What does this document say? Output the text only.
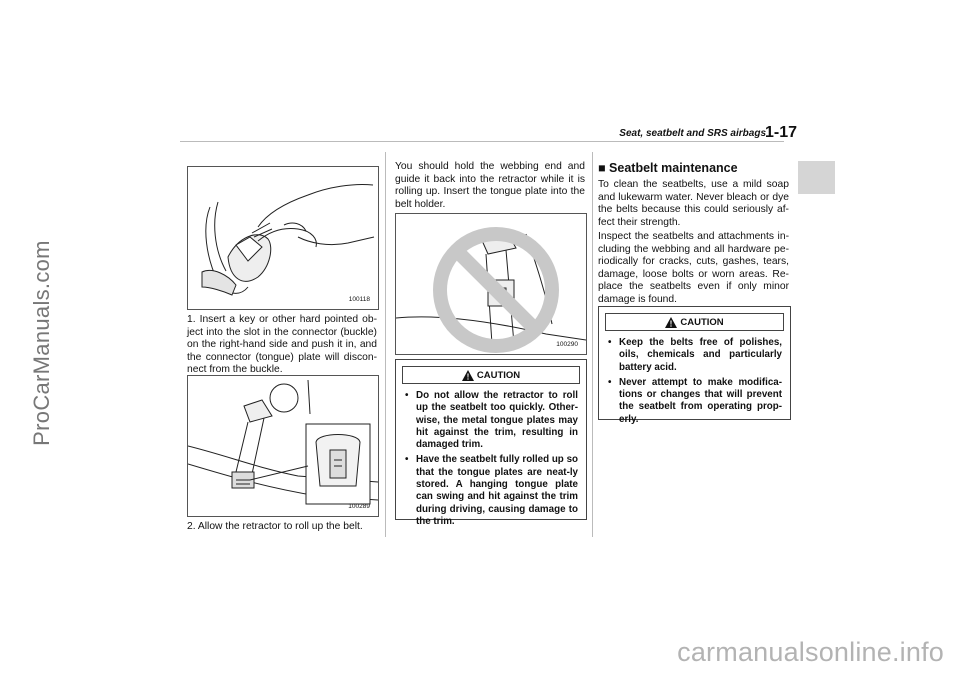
ProCarManuals.com
Seat, seatbelt and SRS airbags 1-17
100118
1. Insert a key or other hard pointed ob-ject into the slot in the connector (buckle) on the right-hand side and push it in, and the connector (tongue) plate will discon-nect from the buckle.
100289
2. Allow the retractor to roll up the belt.
You should hold the webbing end and guide it back into the retractor while it is rolling up. Insert the tongue plate into the belt holder.
100290
CAUTION
• Do not allow the retractor to roll up the seatbelt too quickly. Other-wise, the metal tongue plates may hit against the trim, resulting in damaged trim.
• Have the seatbelt fully rolled up so that the tongue plates are neat-ly stored. A hanging tongue plate can swing and hit against the trim during driving, causing damage to the trim.
■ Seatbelt maintenance
To clean the seatbelts, use a mild soap and lukewarm water. Never bleach or dye the belts because this could seriously af-fect their strength.
Inspect the seatbelts and attachments in-cluding the webbing and all hardware pe-riodically for cracks, cuts, gashes, tears, damage, loose bolts or worn areas. Re-place the seatbelts even if only minor damage is found.
CAUTION
• Keep the belts free of polishes, oils, chemicals and particularly battery acid.
• Never attempt to make modifica-tions or changes that will prevent the seatbelt from operating prop-erly.
carmanualsonline.info
